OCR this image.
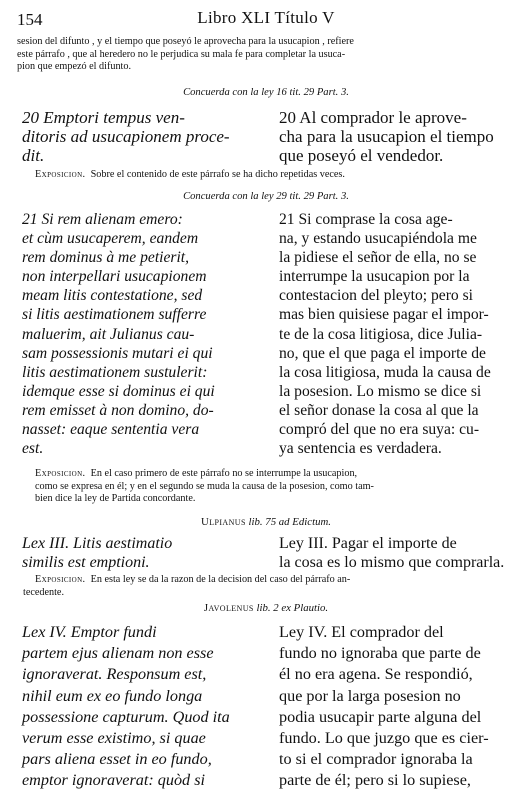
154	Libro XLI Título V
sesion del difunto , y el tiempo que poseyó le aprovecha para la usucapion , refiere
este párrafo , que al heredero no le perjudica su mala fe para completar la usuca-
pion que empezó el difunto.
Concuerda con la ley 16 tit. 29 Part. 3.
20 Emptori tempus ven-
ditoris ad usucapionem proce-
dit.
20 Al comprador le aprove-
cha para la usucapion el tiempo
que poseyó el vendedor.
Exposicion. Sobre el contenido de este párrafo se ha dicho repetidas veces.
Concuerda con la ley 29 tit. 29 Part. 3.
21 Si rem alienam emero:
et cùm usucaperem, eandem
rem dominus à me petierit,
non interpellari usucapionem
meam litis contestatione, sed
si litis aestimationem sufferre
maluerim, ait Julianus cau-
sam possessionis mutari ei qui
litis aestimationem sustulerit:
idemque esse si dominus ei qui
rem emisset à non domino, do-
nasset: eaque sententia vera
est.
21 Si comprase la cosa age-
na, y estando usucapiéndola me
la pidiese el señor de ella, no se
interrumpe la usucapion por la
contestacion del pleyto; pero si
mas bien quisiese pagar el impor-
te de la cosa litigiosa, dice Julia-
no, que el que paga el importe de
la cosa litigiosa, muda la causa de
la posesion. Lo mismo se dice si
el señor donase la cosa al que la
compró del que no era suya: cu-
ya sentencia es verdadera.
Exposicion. En el caso primero de este párrafo no se interrumpe la usucapion,
como se expresa en él; y en el segundo se muda la causa de la posesion, como tam-
bien dice la ley de Partida concordante.
Ulpianus lib. 75 ad Edictum.
Lex III. Litis aestimatio
similis est emptioni.
Ley III. Pagar el importe de
la cosa es lo mismo que comprarla.
Exposicion. En esta ley se da la razon de la decision del caso del párrafo an-
tecedente.
Javolenus lib. 2 ex Plautio.
Lex IV. Emptor fundi
partem ejus alienam non esse
ignoraverat. Responsum est,
nihil eum ex eo fundo longa
possessione capturum. Quod ita
verum esse existimo, si quae
pars aliena esset in eo fundo,
emptor ignoraverat: quòd si
Ley IV. El comprador del
fundo no ignoraba que parte de
él no era agena. Se respondió,
que por la larga posesion no
podia usucapir parte alguna del
fundo. Lo que juzgo que es cier-
to si el comprador ignoraba la
parte de él; pero si lo supiese,
